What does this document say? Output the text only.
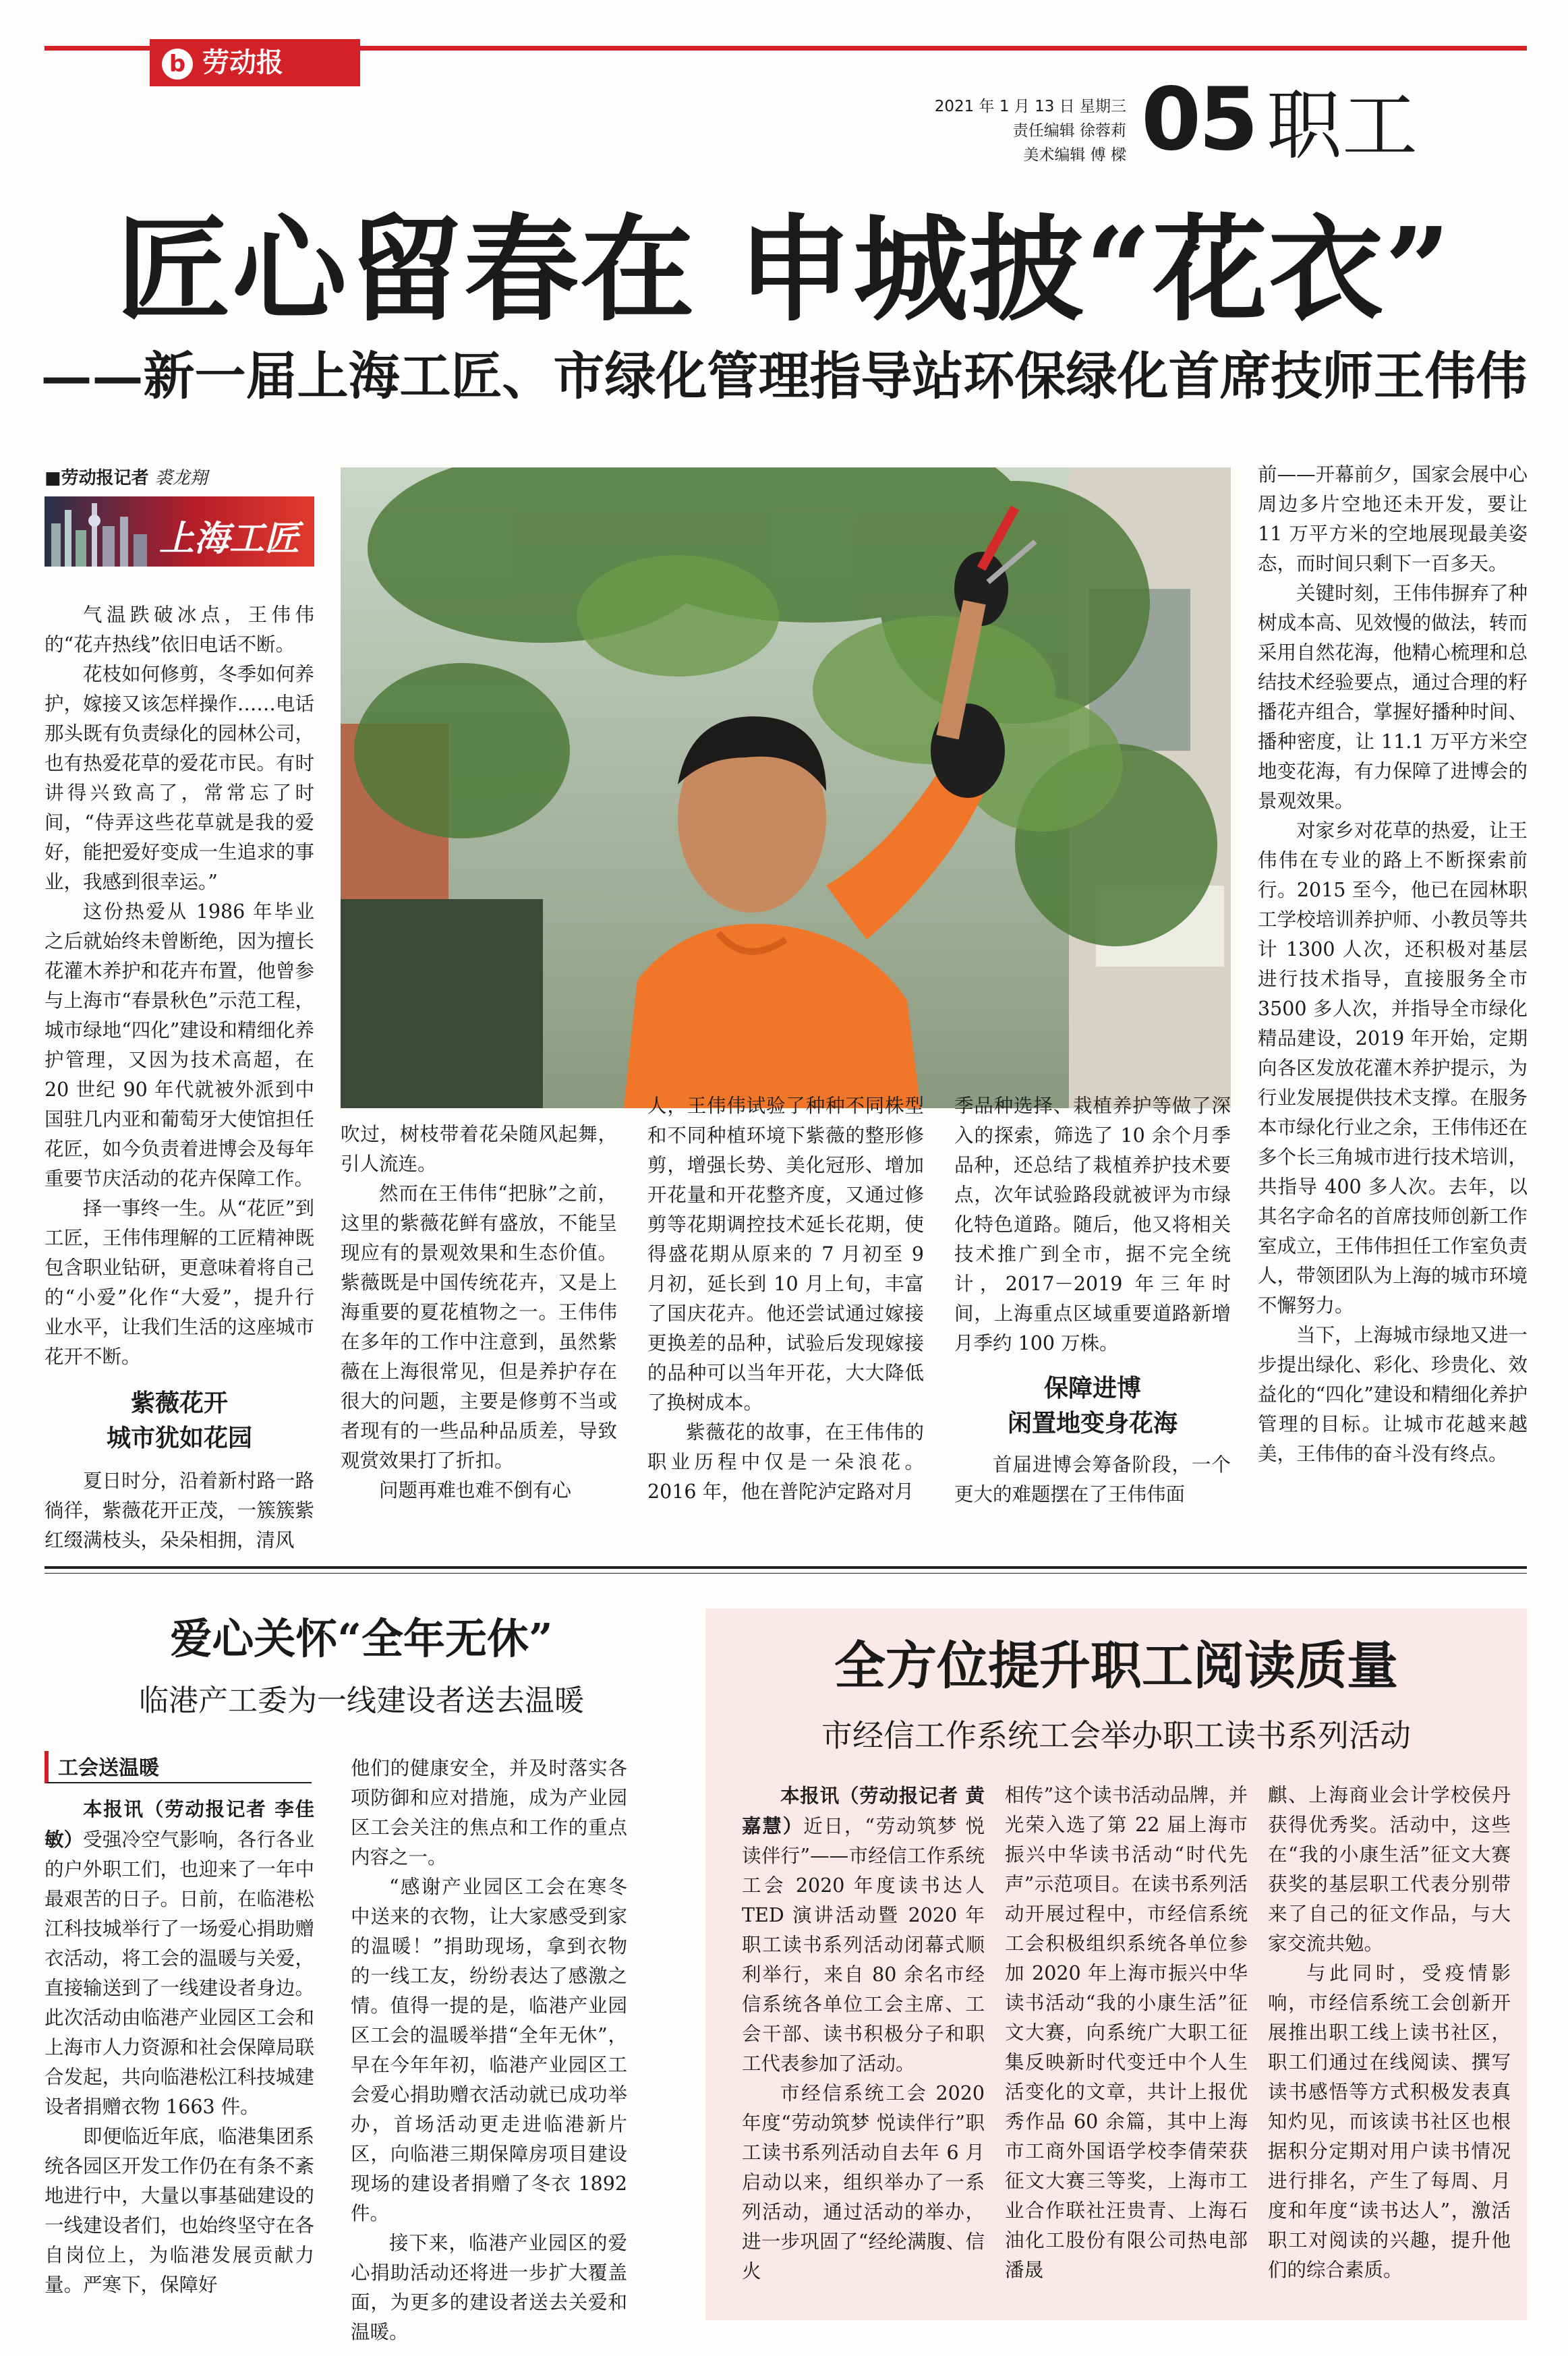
b 劳动报
2021 年 1 月 13 日 星期三
责任编辑 徐蓉莉
美术编辑 傅 樑 05 职工
匠心留春在 申城披“花衣”
——新一届上海工匠、市绿化管理指导站环保绿化首席技师王伟伟
■劳动报记者 裘龙翔
上海工匠

气温跌破冰点，王伟伟的“花卉热线”依旧电话不断。

花枝如何修剪，冬季如何养护，嫁接又该怎样操作……电话那头既有负责绿化的园林公司，也有热爱花草的爱花市民。有时讲得兴致高了，常常忘了时间，“侍弄这些花草就是我的爱好，能把爱好变成一生追求的事业，我感到很幸运。”

这份热爱从 1986 年毕业之后就始终未曾断绝，因为擅长花灌木养护和花卉布置，他曾参与上海市“春景秋色”示范工程，城市绿地“四化”建设和精细化养护管理，又因为技术高超，在 20 世纪 90 年代就被外派到中国驻几内亚和葡萄牙大使馆担任花匠，如今负责着进博会及每年重要节庆活动的花卉保障工作。

择一事终一生。从“花匠”到工匠，王伟伟理解的工匠精神既包含职业钻研，更意味着将自己的“小爱”化作“大爱”，提升行业水平，让我们生活的这座城市花开不断。

紫薇花开
城市犹如花园

夏日时分，沿着新村路一路徜徉，紫薇花开正茂，一簇簇紫红缀满枝头，朵朵相拥，清风

吹过，树枝带着花朵随风起舞，引人流连。

然而在王伟伟“把脉”之前，这里的紫薇花鲜有盛放，不能呈现应有的景观效果和生态价值。紫薇既是中国传统花卉，又是上海重要的夏花植物之一。王伟伟在多年的工作中注意到，虽然紫薇在上海很常见，但是养护存在很大的问题，主要是修剪不当或者现有的一些品种品质差，导致观赏效果打了折扣。

问题再难也难不倒有心

人，王伟伟试验了种种不同株型和不同种植环境下紫薇的整形修剪，增强长势、美化冠形、增加开花量和开花整齐度，又通过修剪等花期调控技术延长花期，使得盛花期从原来的 7 月初至 9 月初，延长到 10 月上旬，丰富了国庆花卉。他还尝试通过嫁接更换差的品种，试验后发现嫁接的品种可以当年开花，大大降低了换树成本。

紫薇花的故事，在王伟伟的职业历程中仅是一朵浪花。2016 年，他在普陀泸定路对月

季品种选择、栽植养护等做了深入的探索，筛选了 10 余个月季品种，还总结了栽植养护技术要点，次年试验路段就被评为市绿化特色道路。随后，他又将相关技术推广到全市，据不完全统计，2017－2019 年三年时间，上海重点区域重要道路新增月季约 100 万株。

保障进博
闲置地变身花海

首届进博会筹备阶段，一个更大的难题摆在了王伟伟面

前——开幕前夕，国家会展中心周边多片空地还未开发，要让 11 万平方米的空地展现最美姿态，而时间只剩下一百多天。

关键时刻，王伟伟摒弃了种树成本高、见效慢的做法，转而采用自然花海，他精心梳理和总结技术经验要点，通过合理的籽播花卉组合，掌握好播种时间、播种密度，让 11.1 万平方米空地变花海，有力保障了进博会的景观效果。

对家乡对花草的热爱，让王伟伟在专业的路上不断探索前行。2015 至今，他已在园林职工学校培训养护师、小教员等共计 1300 人次，还积极对基层进行技术指导，直接服务全市 3500 多人次，并指导全市绿化精品建设，2019 年开始，定期向各区发放花灌木养护提示，为行业发展提供技术支撑。在服务本市绿化行业之余，王伟伟还在多个长三角城市进行技术培训，共指导 400 多人次。去年，以其名字命名的首席技师创新工作室成立，王伟伟担任工作室负责人，带领团队为上海的城市环境不懈努力。

当下，上海城市绿地又进一步提出绿化、彩化、珍贵化、效益化的“四化”建设和精细化养护管理的目标。让城市花越来越美，王伟伟的奋斗没有终点。

爱心关怀“全年无休”
临港产工委为一线建设者送去温暖
工会送温暖

本报讯（劳动报记者 李佳敏）受强冷空气影响，各行各业的户外职工们，也迎来了一年中最艰苦的日子。日前，在临港松江科技城举行了一场爱心捐助赠衣活动，将工会的温暖与关爱，直接输送到了一线建设者身边。此次活动由临港产业园区工会和上海市人力资源和社会保障局联合发起，共向临港松江科技城建设者捐赠衣物 1663 件。

即便临近年底，临港集团系统各园区开发工作仍在有条不紊地进行中，大量以事基础建设的一线建设者们，也始终坚守在各自岗位上，为临港发展贡献力量。严寒下，保障好

他们的健康安全，并及时落实各项防御和应对措施，成为产业园区工会关注的焦点和工作的重点内容之一。

“感谢产业园区工会在寒冬中送来的衣物，让大家感受到家的温暖！”捐助现场，拿到衣物的一线工友，纷纷表达了感激之情。值得一提的是，临港产业园区工会的温暖举措“全年无休”，早在今年年初，临港产业园区工会爱心捐助赠衣活动就已成功举办，首场活动更走进临港新片区，向临港三期保障房项目建设现场的建设者捐赠了冬衣 1892 件。

接下来，临港产业园区的爱心捐助活动还将进一步扩大覆盖面，为更多的建设者送去关爱和温暖。

全方位提升职工阅读质量
市经信工作系统工会举办职工读书系列活动

本报讯（劳动报记者 黄嘉慧）近日，“劳动筑梦 悦读伴行”——市经信工作系统工会 2020 年度读书达人 TED 演讲活动暨 2020 年职工读书系列活动闭幕式顺利举行，来自 80 余名市经信系统各单位工会主席、工会干部、读书积极分子和职工代表参加了活动。

市经信系统工会 2020 年度“劳动筑梦 悦读伴行”职工读书系列活动自去年 6 月启动以来，组织举办了一系列活动，通过活动的举办，进一步巩固了“经纶满腹、信火

相传”这个读书活动品牌，并光荣入选了第 22 届上海市振兴中华读书活动“时代先声”示范项目。在读书系列活动开展过程中，市经信系统工会积极组织系统各单位参加 2020 年上海市振兴中华读书活动“我的小康生活”征文大赛，向系统广大职工征集反映新时代变迁中个人生活变化的文章，共计上报优秀作品 60 余篇，其中上海市工商外国语学校李倩荣获征文大赛三等奖，上海市工业合作联社汪贵青、上海石油化工股份有限公司热电部潘晟

麒、上海商业会计学校侯丹获得优秀奖。活动中，这些在“我的小康生活”征文大赛获奖的基层职工代表分别带来了自己的征文作品，与大家交流共勉。

与此同时，受疫情影响，市经信系统工会创新开展推出职工线上读书社区，职工们通过在线阅读、撰写读书感悟等方式积极发表真知灼见，而该读书社区也根据积分定期对用户读书情况进行排名，产生了每周、月度和年度“读书达人”，激活职工对阅读的兴趣，提升他们的综合素质。
